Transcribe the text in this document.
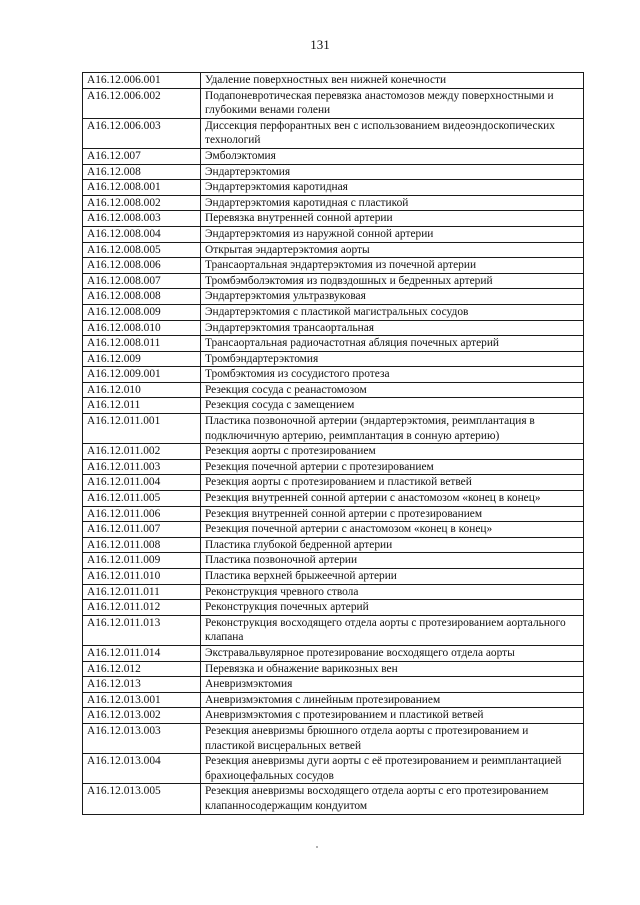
131
A16.12.006.001	Удаление поверхностных вен нижней конечности
A16.12.006.002	Подапоневротическая перевязка анастомозов между поверхностными и глубокими венами голени
A16.12.006.003	Диссекция перфорантных вен с использованием видеоэндоскопических технологий
A16.12.007	Эмболэктомия
A16.12.008	Эндартерэктомия
A16.12.008.001	Эндартерэктомия каротидная
A16.12.008.002	Эндартерэктомия каротидная с пластикой
A16.12.008.003	Перевязка внутренней сонной артерии
A16.12.008.004	Эндартерэктомия из наружной сонной артерии
A16.12.008.005	Открытая эндартерэктомия аорты
A16.12.008.006	Трансаортальная эндартерэктомия из почечной артерии
A16.12.008.007	Тромбэмболэктомия из подвздошных и бедренных артерий
A16.12.008.008	Эндартерэктомия ультразвуковая
A16.12.008.009	Эндартерэктомия с пластикой магистральных сосудов
A16.12.008.010	Эндартерэктомия трансаортальная
A16.12.008.011	Трансаортальная радиочастотная абляция почечных артерий
A16.12.009	Тромбэндартерэктомия
A16.12.009.001	Тромбэктомия из сосудистого протеза
A16.12.010	Резекция сосуда с реанастомозом
A16.12.011	Резекция сосуда с замещением
A16.12.011.001	Пластика позвоночной артерии (эндартерэктомия, реимплантация в подключичную артерию, реимплантация в сонную артерию)
A16.12.011.002	Резекция аорты с протезированием
A16.12.011.003	Резекция почечной артерии с протезированием
A16.12.011.004	Резекция аорты с протезированием и пластикой ветвей
A16.12.011.005	Резекция внутренней сонной артерии с анастомозом «конец в конец»
A16.12.011.006	Резекция внутренней сонной артерии с протезированием
A16.12.011.007	Резекция почечной артерии с анастомозом «конец в конец»
A16.12.011.008	Пластика глубокой бедренной артерии
A16.12.011.009	Пластика позвоночной артерии
A16.12.011.010	Пластика верхней брыжеечной артерии
A16.12.011.011	Реконструкция чревного ствола
A16.12.011.012	Реконструкция почечных артерий
A16.12.011.013	Реконструкция восходящего отдела аорты с протезированием аортального клапана
A16.12.011.014	Экстравальвулярное протезирование восходящего отдела аорты
A16.12.012	Перевязка и обнажение варикозных вен
A16.12.013	Аневризмэктомия
A16.12.013.001	Аневризмэктомия с линейным протезированием
A16.12.013.002	Аневризмэктомия с протезированием и пластикой ветвей
A16.12.013.003	Резекция аневризмы брюшного отдела аорты с протезированием и пластикой висцеральных ветвей
A16.12.013.004	Резекция аневризмы дуги аорты с её протезированием и реимплантацией брахиоцефальных сосудов
A16.12.013.005	Резекция аневризмы восходящего отдела аорты с его протезированием клапанносодержащим кондуитом
